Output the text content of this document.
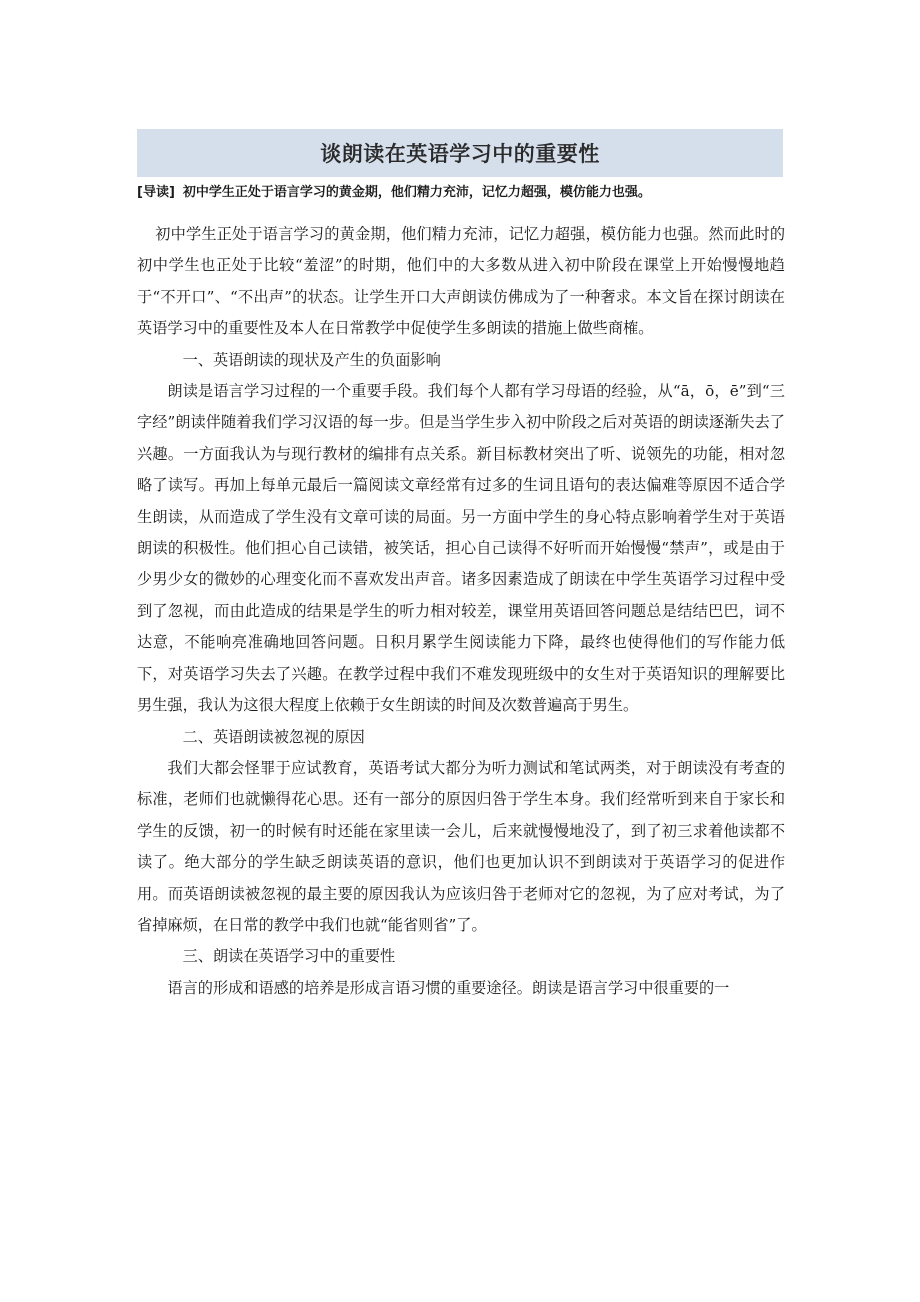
谈朗读在英语学习中的重要性
[导读] 初中学生正处于语言学习的黄金期，他们精力充沛，记忆力超强，模仿能力也强。

初中学生正处于语言学习的黄金期，他们精力充沛，记忆力超强，模仿能力也强。然而此时的初中学生也正处于比较“羞涩”的时期，他们中的大多数从进入初中阶段在课堂上开始慢慢地趋于“不开口”、“不出声”的状态。让学生开口大声朗读仿佛成为了一种奢求。本文旨在探讨朗读在英语学习中的重要性及本人在日常教学中促使学生多朗读的措施上做些商榷。

一、英语朗读的现状及产生的负面影响

朗读是语言学习过程的一个重要手段。我们每个人都有学习母语的经验，从“ā，ō，ē”到“三字经”朗读伴随着我们学习汉语的每一步。但是当学生步入初中阶段之后对英语的朗读逐渐失去了兴趣。一方面我认为与现行教材的编排有点关系。新目标教材突出了听、说领先的功能，相对忽略了读写。再加上每单元最后一篇阅读文章经常有过多的生词且语句的表达偏难等原因不适合学生朗读，从而造成了学生没有文章可读的局面。另一方面中学生的身心特点影响着学生对于英语朗读的积极性。他们担心自己读错，被笑话，担心自己读得不好听而开始慢慢“禁声”，或是由于少男少女的微妙的心理变化而不喜欢发出声音。诸多因素造成了朗读在中学生英语学习过程中受到了忽视，而由此造成的结果是学生的听力相对较差，课堂用英语回答问题总是结结巴巴，词不达意，不能响亮准确地回答问题。日积月累学生阅读能力下降，最终也使得他们的写作能力低下，对英语学习失去了兴趣。在教学过程中我们不难发现班级中的女生对于英语知识的理解要比男生强，我认为这很大程度上依赖于女生朗读的时间及次数普遍高于男生。

二、英语朗读被忽视的原因

我们大都会怪罪于应试教育，英语考试大都分为听力测试和笔试两类，对于朗读没有考查的标准，老师们也就懒得花心思。还有一部分的原因归咎于学生本身。我们经常听到来自于家长和学生的反馈，初一的时候有时还能在家里读一会儿，后来就慢慢地没了，到了初三求着他读都不读了。绝大部分的学生缺乏朗读英语的意识，他们也更加认识不到朗读对于英语学习的促进作用。而英语朗读被忽视的最主要的原因我认为应该归咎于老师对它的忽视，为了应对考试，为了省掉麻烦，在日常的教学中我们也就“能省则省”了。

三、朗读在英语学习中的重要性

语言的形成和语感的培养是形成言语习惯的重要途径。朗读是语言学习中很重要的一
